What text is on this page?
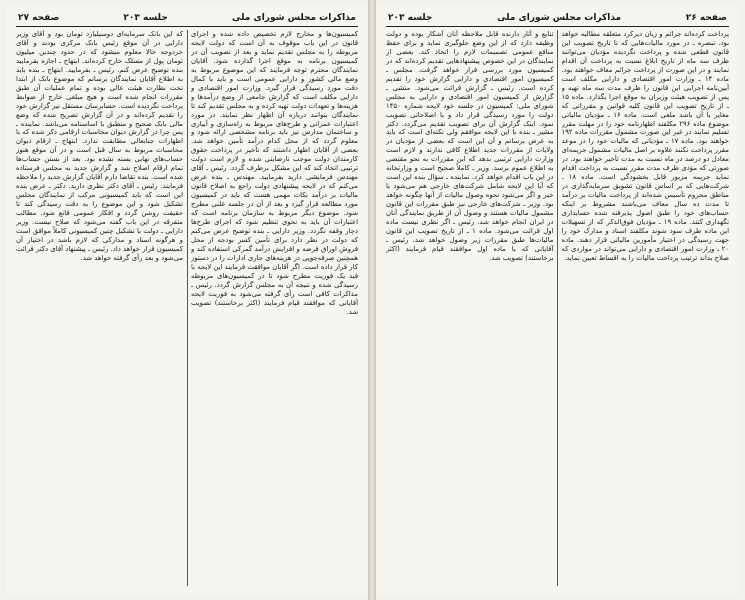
مذاکرات مجلس شورای ملی
جلسه ۲۰۳
صفحه ۲۷

کمیسیون‌ها و مخارج لازم تخصیص داده شده و اجرای قانون در این باب موقوف به آن است که دولت لایحه مربوطه را به مجلس تقدیم نماید و بعد از تصویب آن در کمیسیون برنامه به موقع اجرا گذارده شود. آقایان نمایندگان محترم توجه فرمایند که این موضوع مربوط به وضع مالی کشور و دارایی عمومی است و باید با کمال دقت مورد رسیدگی قرار گیرد. وزارت امور اقتصادی و دارایی مکلف است که گزارش جامعی از وضع درآمدها و هزینه‌ها و تعهدات دولت تهیه کرده و به مجلس تقدیم کند تا نمایندگان بتوانند درباره آن اظهار نظر نمایند. در مورد اعتبارات عمرانی و طرح‌های مربوط به راه‌سازی و آبیاری و ساختمان مدارس نیز باید برنامه مشخصی ارائه شود و معلوم گردد که از محل کدام درآمد تأمین خواهد شد. بعضی از آقایان اظهار داشتند که تأخیر در پرداخت حقوق کارمندان دولت موجب نارضایتی شده و لازم است دولت ترتیبی اتخاذ کند که این مشکل برطرف گردد. رئیس ـ آقای مهندس فرمایشی دارید بفرمایید. مهندس ـ بنده عرض می‌کنم که در لایحه پیشنهادی دولت راجع به اصلاح قانون مالیات بر درآمد نکات مهمی هست که باید در کمیسیون مورد مطالعه قرار گیرد و بعد از آن در جلسه علنی مطرح شود. موضوع دیگر مربوط به سازمان برنامه است که اعتبارات آن باید به نحوی تنظیم شود که اجرای طرح‌ها دچار وقفه نگردد. وزیر دارایی ـ بنده توضیح عرض می‌کنم که دولت در نظر دارد برای تأمین کسر بودجه از محل فروش اوراق قرضه و افزایش درآمد گمرکی استفاده کند و همچنین صرفه‌جویی در هزینه‌های جاری ادارات را در دستور کار قرار داده است. اگر آقایان موافقت فرمایند این لایحه با قید یک فوریت مطرح شود تا در کمیسیون‌های مربوطه رسیدگی شده و نتیجه آن به مجلس گزارش گردد. رئیس ـ مذاکرات کافی است رأی گرفته می‌شود به فوریت لایحه آقایانی که موافقند قیام فرمایند (اکثر برخاستند) تصویب شد.

که این بانک سرمایه‌ای دوسیلیارد تومان بود و آقای وزیر دارایی در آن موقع رئیس بانک مرکزی بودند و آقای خردوجه حالا معلوم میشود که در حدود چندین میلیون تومان پول از مسلک خارج کرده‌اند. ابتهاج ـ اجازه بفرمایید بنده توضیح عرض کنم. رئیس ـ بفرمایید. ابتهاج ـ بنده باید به اطلاع آقایان نمایندگان برسانم که موضوع بانک از ابتدا تحت نظارت هیئت عالی بوده و تمام عملیات آن طبق مقررات انجام شده است و هیچ مبلغی خارج از ضوابط پرداخت نگردیده است. حسابرسان مستقل نیز گزارش خود را تقدیم کرده‌اند و در آن گزارش تصریح شده که وضع مالی بانک صحیح و منطبق با اساسنامه می‌باشد. نماینده ـ پس چرا در گزارش دیوان محاسبات ارقامی ذکر شده که با اظهارات جنابعالی مطابقت ندارد. ابتهاج ـ ارقام دیوان محاسبات مربوط به سال قبل است و در آن موقع هنوز حساب‌های نهایی بسته نشده بود. بعد از بستن حساب‌ها تمام ارقام اصلاح شد و گزارش جدید به مجلس فرستاده شده است. بنده تقاضا دارم آقایان گزارش جدید را ملاحظه فرمایند. رئیس ـ آقای دکتر نظری دارید. دکتر ـ عرض بنده این است که باید کمیسیونی مرکب از نمایندگان مجلس تشکیل شود و این موضوع را به دقت رسیدگی کند تا حقیقت روشن گردد و افکار عمومی قانع شود. مطالب متفرقه در این باب گفته می‌شود که صلاح نیست. وزیر دارایی ـ دولت با تشکیل چنین کمیسیونی کاملاً موافق است و هرگونه اسناد و مدارکی که لازم باشد در اختیار آن کمیسیون قرار خواهد داد. رئیس ـ پیشنهاد آقای دکتر قرائت می‌شود و بعد رأی گرفته خواهد شد.

صفحه ۲۶
مذاکرات مجلس شورای ملی
جلسه ۲۰۳

پرداخت کرده‌اند جرائم و زیان دیرکرد متعلقه مطالبه خواهد بود. تبصره ـ در مورد مالیات‌هایی که تا تاریخ تصویب این قانون قطعی شده و پرداخت نگردیده مؤدیان می‌توانند ظرف سه ماه از تاریخ ابلاغ نسبت به پرداخت آن اقدام نمایند و در این صورت از پرداخت جرائم معاف خواهند بود. ماده ۱۴ ـ وزارت امور اقتصادی و دارایی مکلف است آیین‌نامه اجرایی این قانون را ظرف مدت سه ماه تهیه و پس از تصویب هیئت وزیران به موقع اجرا بگذارد. ماده ۱۵ ـ از تاریخ تصویب این قانون کلیه قوانین و مقرراتی که مغایر با آن باشد ملغی است. ماده ۱۶ ـ مؤدیان مالیاتی موضوع ماده ۲۹۶ مکلفند اظهارنامه خود را در مهلت مقرر تسلیم نمایند در غیر این صورت مشمول مقررات ماده ۱۹۲ خواهند بود. ماده ۱۷ ـ مؤدیانی که مالیات خود را در موعد مقرر پرداخت نکنند علاوه بر اصل مالیات مشمول جریمه‌ای معادل دو درصد در ماه نسبت به مدت تأخیر خواهند بود. در صورتی که مؤدی ظرف مدت مقرر نسبت به پرداخت اقدام نماید جریمه مزبور قابل بخشودگی است. ماده ۱۸ ـ شرکت‌هایی که بر اساس قانون تشویق سرمایه‌گذاری در مناطق محروم تأسیس شده‌اند از پرداخت مالیات بر درآمد تا مدت ده سال معاف می‌باشند مشروط بر اینکه حساب‌های خود را طبق اصول پذیرفته شده حسابداری نگهداری کنند. ماده ۱۹ ـ مؤدیان فوق‌الذکر که از تسهیلات این ماده طرف سود شوند مکلفند اسناد و مدارک خود را جهت رسیدگی در اختیار مأمورین مالیاتی قرار دهند. ماده ۲۰ ـ وزارت امور اقتصادی و دارایی می‌تواند در مواردی که صلاح بداند ترتیب پرداخت مالیات را به اقساط تعیین نماید.

تنایع و آثار دارنده قابل ملاحظه آنان آشکار بوده و دولت وظیفه دارد که از این وضع جلوگیری نماید و برای حفظ منافع عمومی تصمیمات لازم را اتخاذ کند. بعضی از نمایندگان در این خصوص پیشنهادهایی تقدیم کرده‌اند که در کمیسیون مورد بررسی قرار خواهد گرفت. مجلس ـ کمیسیون امور اقتصادی و دارایی گزارش خود را تقدیم کرده است. رئیس ـ گزارش قرائت می‌شود. منشی ـ گزارش از کمیسیون امور اقتصادی و دارایی به مجلس شورای ملی: کمیسیون در جلسه خود لایحه شماره ۱۴۵۰ دولت را مورد رسیدگی قرار داد و با اصلاحاتی تصویب نمود. اینک گزارش آن برای تصویب تقدیم می‌گردد. دکتر مشیر ـ بنده با این لایحه موافقم ولی نکته‌ای است که باید به عرض برسانم و آن این است که بعضی از مؤدیان در ولایات از مقررات جدید اطلاع کافی ندارند و لازم است وزارت دارایی ترتیبی بدهد که این مقررات به نحو مقتضی به اطلاع عموم برسد. وزیر ـ کاملاً صحیح است و وزارتخانه در این باب اقدام خواهد کرد. نماینده ـ سؤال بنده این است که آیا این لایحه شامل شرکت‌های خارجی هم می‌شود یا خیر و اگر می‌شود نحوه وصول مالیات از آنها چگونه خواهد بود. وزیر ـ شرکت‌های خارجی نیز طبق مقررات این قانون مشمول مالیات هستند و وصول آن از طریق نمایندگی آنان در ایران انجام خواهد شد. رئیس ـ اگر نظری نیست ماده اول قرائت می‌شود. ماده ۱ ـ از تاریخ تصویب این قانون مالیات‌ها طبق مقررات زیر وصول خواهد شد. رئیس ـ آقایانی که با ماده اول موافقند قیام فرمایند (اکثر برخاستند) تصویب شد.
